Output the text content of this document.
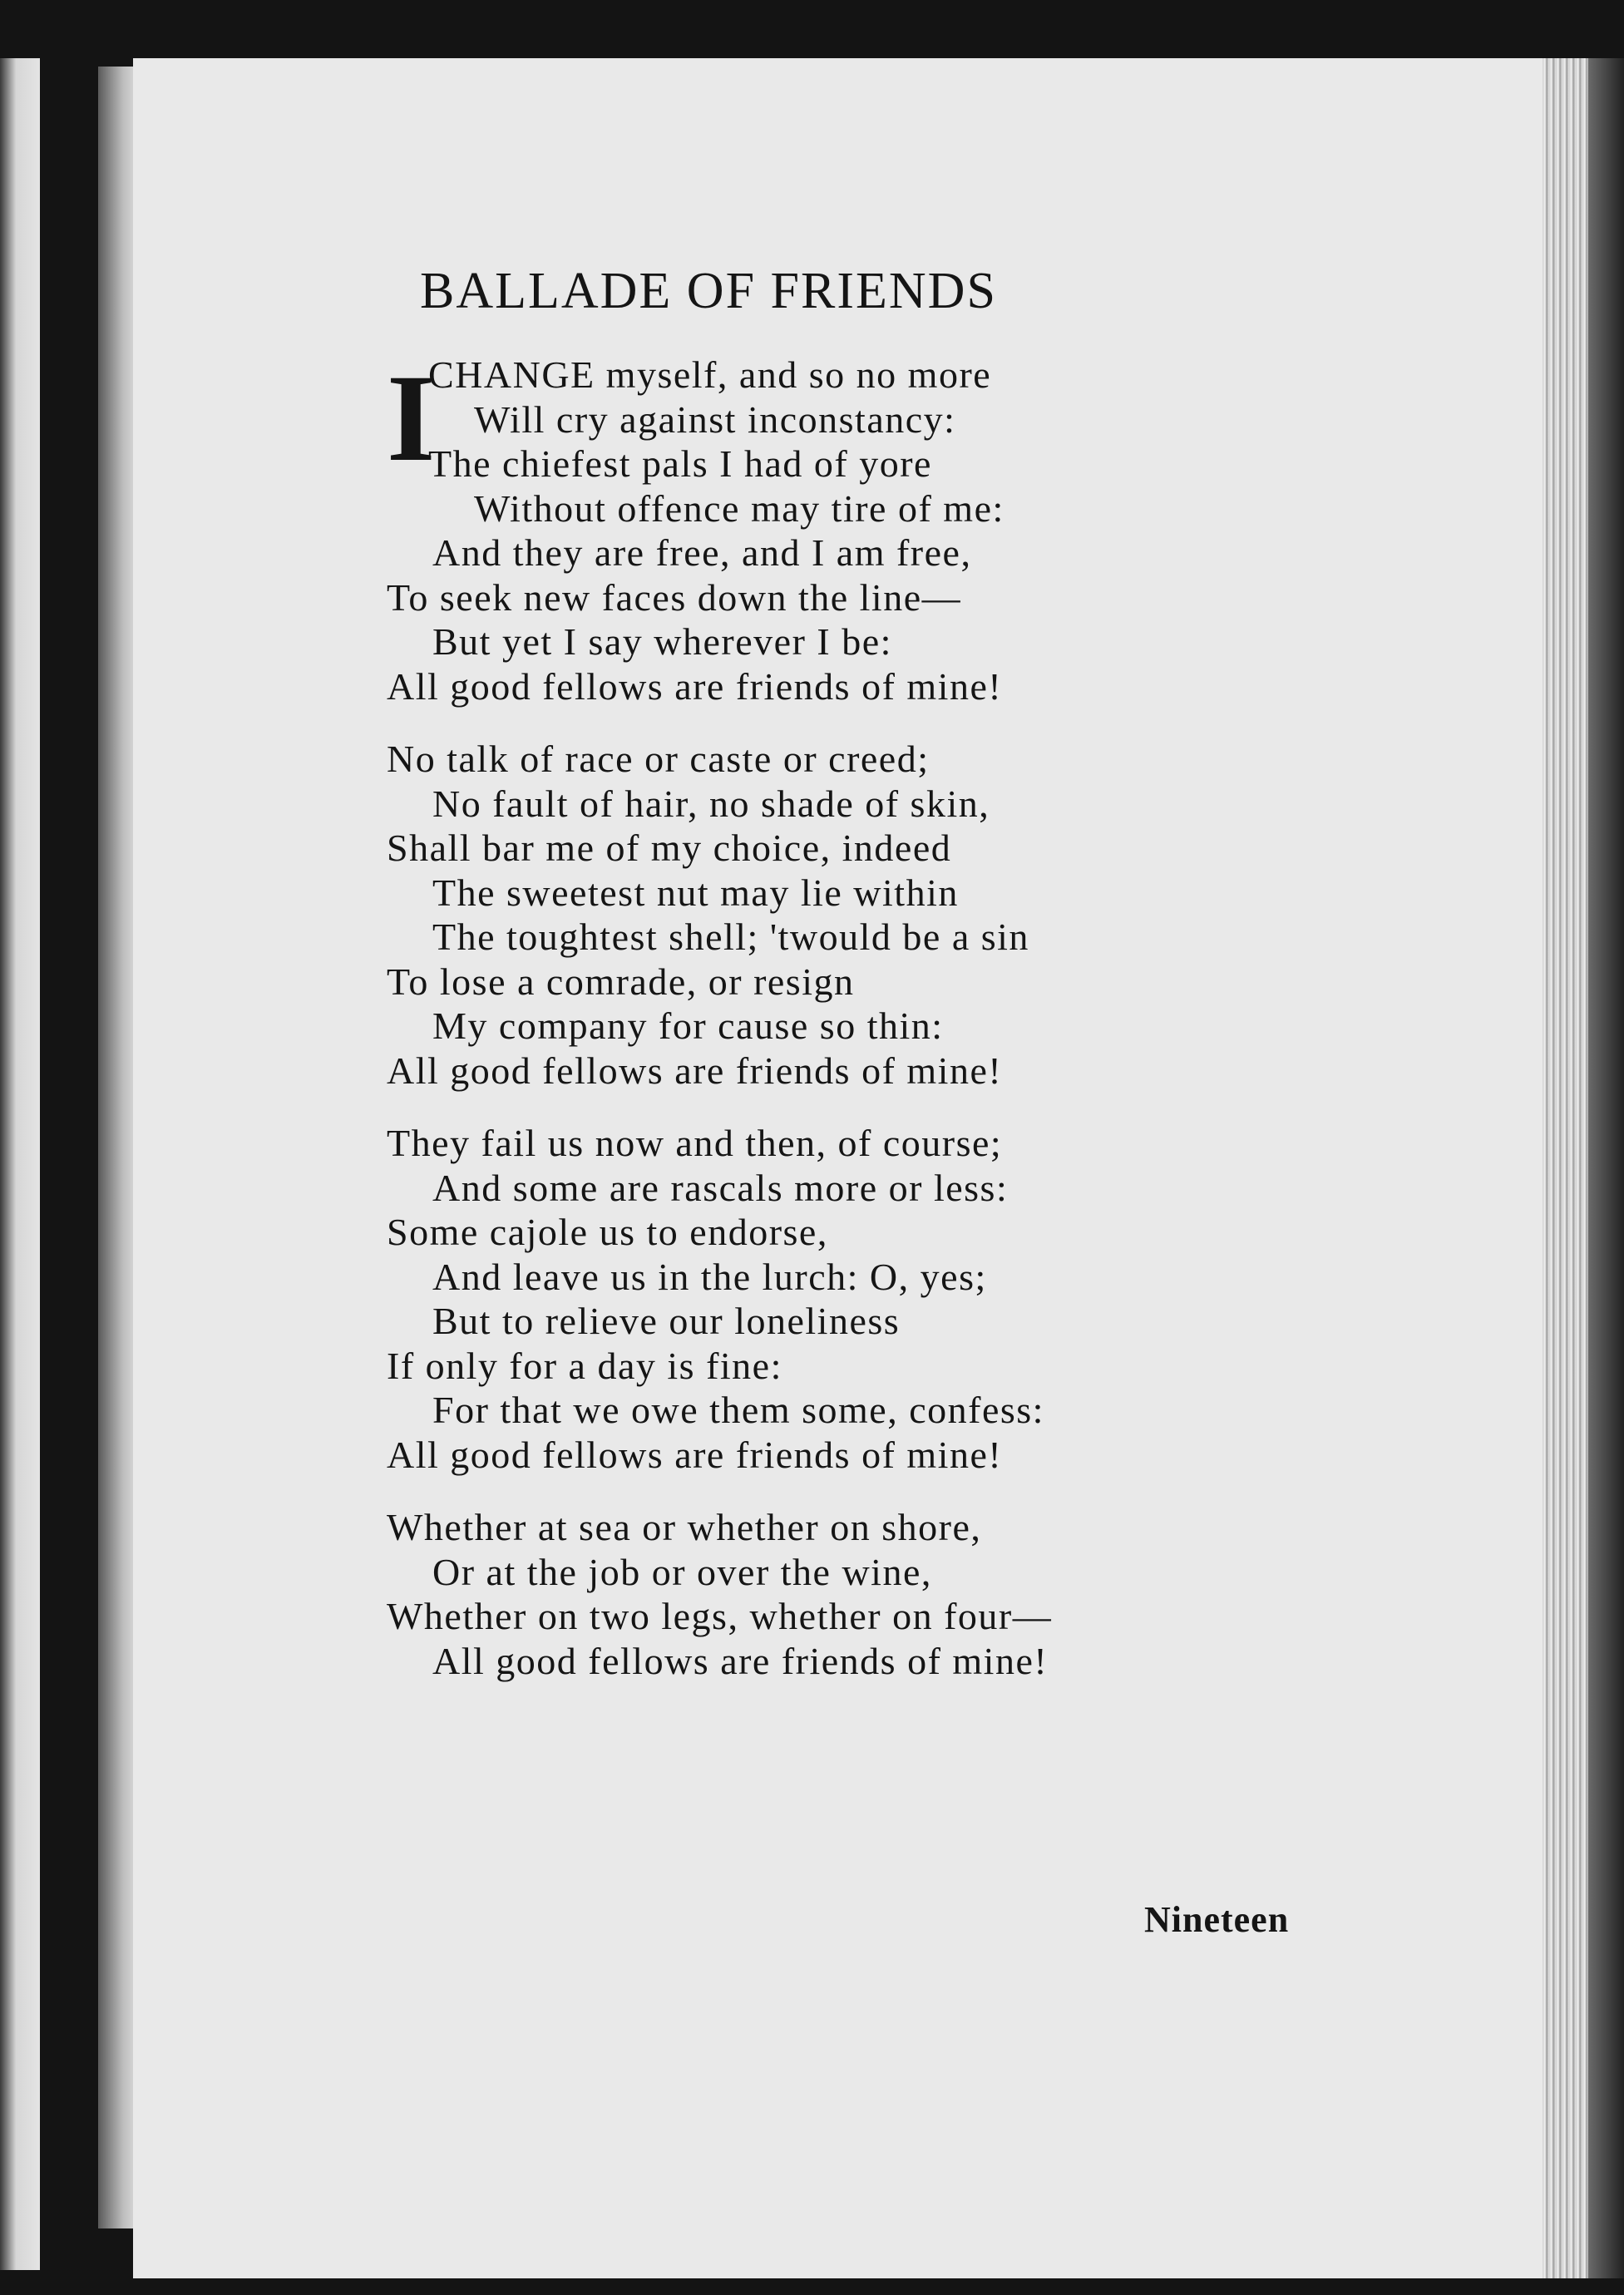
BALLADE OF FRIENDS
I
CHANGE myself, and so no more
Will cry against inconstancy:
The chiefest pals I had of yore
Without offence may tire of me:
And they are free, and I am free,
To seek new faces down the line—
But yet I say wherever I be:
All good fellows are friends of mine!
No talk of race or caste or creed;
No fault of hair, no shade of skin,
Shall bar me of my choice, indeed
The sweetest nut may lie within
The toughtest shell; 'twould be a sin
To lose a comrade, or resign
My company for cause so thin:
All good fellows are friends of mine!
They fail us now and then, of course;
And some are rascals more or less:
Some cajole us to endorse,
And leave us in the lurch: O, yes;
But to relieve our loneliness
If only for a day is fine:
For that we owe them some, confess:
All good fellows are friends of mine!
Whether at sea or whether on shore,
Or at the job or over the wine,
Whether on two legs, whether on four—
All good fellows are friends of mine!
Nineteen
